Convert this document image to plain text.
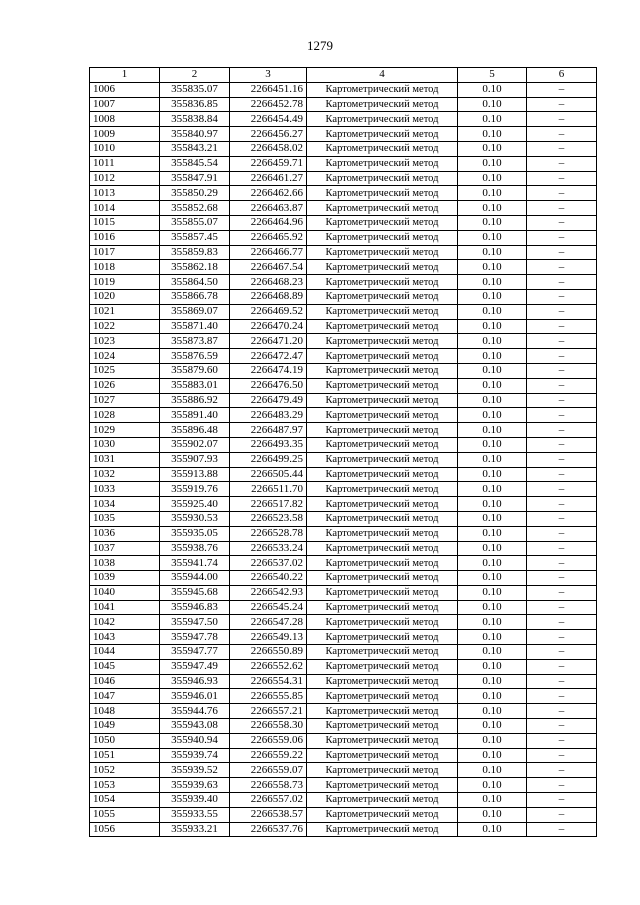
1279
1	2	3	4	5	6
1006	355835.07	2266451.16	Картометрический метод	0.10	–
1007	355836.85	2266452.78	Картометрический метод	0.10	–
1008	355838.84	2266454.49	Картометрический метод	0.10	–
1009	355840.97	2266456.27	Картометрический метод	0.10	–
1010	355843.21	2266458.02	Картометрический метод	0.10	–
1011	355845.54	2266459.71	Картометрический метод	0.10	–
1012	355847.91	2266461.27	Картометрический метод	0.10	–
1013	355850.29	2266462.66	Картометрический метод	0.10	–
1014	355852.68	2266463.87	Картометрический метод	0.10	–
1015	355855.07	2266464.96	Картометрический метод	0.10	–
1016	355857.45	2266465.92	Картометрический метод	0.10	–
1017	355859.83	2266466.77	Картометрический метод	0.10	–
1018	355862.18	2266467.54	Картометрический метод	0.10	–
1019	355864.50	2266468.23	Картометрический метод	0.10	–
1020	355866.78	2266468.89	Картометрический метод	0.10	–
1021	355869.07	2266469.52	Картометрический метод	0.10	–
1022	355871.40	2266470.24	Картометрический метод	0.10	–
1023	355873.87	2266471.20	Картометрический метод	0.10	–
1024	355876.59	2266472.47	Картометрический метод	0.10	–
1025	355879.60	2266474.19	Картометрический метод	0.10	–
1026	355883.01	2266476.50	Картометрический метод	0.10	–
1027	355886.92	2266479.49	Картометрический метод	0.10	–
1028	355891.40	2266483.29	Картометрический метод	0.10	–
1029	355896.48	2266487.97	Картометрический метод	0.10	–
1030	355902.07	2266493.35	Картометрический метод	0.10	–
1031	355907.93	2266499.25	Картометрический метод	0.10	–
1032	355913.88	2266505.44	Картометрический метод	0.10	–
1033	355919.76	2266511.70	Картометрический метод	0.10	–
1034	355925.40	2266517.82	Картометрический метод	0.10	–
1035	355930.53	2266523.58	Картометрический метод	0.10	–
1036	355935.05	2266528.78	Картометрический метод	0.10	–
1037	355938.76	2266533.24	Картометрический метод	0.10	–
1038	355941.74	2266537.02	Картометрический метод	0.10	–
1039	355944.00	2266540.22	Картометрический метод	0.10	–
1040	355945.68	2266542.93	Картометрический метод	0.10	–
1041	355946.83	2266545.24	Картометрический метод	0.10	–
1042	355947.50	2266547.28	Картометрический метод	0.10	–
1043	355947.78	2266549.13	Картометрический метод	0.10	–
1044	355947.77	2266550.89	Картометрический метод	0.10	–
1045	355947.49	2266552.62	Картометрический метод	0.10	–
1046	355946.93	2266554.31	Картометрический метод	0.10	–
1047	355946.01	2266555.85	Картометрический метод	0.10	–
1048	355944.76	2266557.21	Картометрический метод	0.10	–
1049	355943.08	2266558.30	Картометрический метод	0.10	–
1050	355940.94	2266559.06	Картометрический метод	0.10	–
1051	355939.74	2266559.22	Картометрический метод	0.10	–
1052	355939.52	2266559.07	Картометрический метод	0.10	–
1053	355939.63	2266558.73	Картометрический метод	0.10	–
1054	355939.40	2266557.02	Картометрический метод	0.10	–
1055	355933.55	2266538.57	Картометрический метод	0.10	–
1056	355933.21	2266537.76	Картометрический метод	0.10	–
